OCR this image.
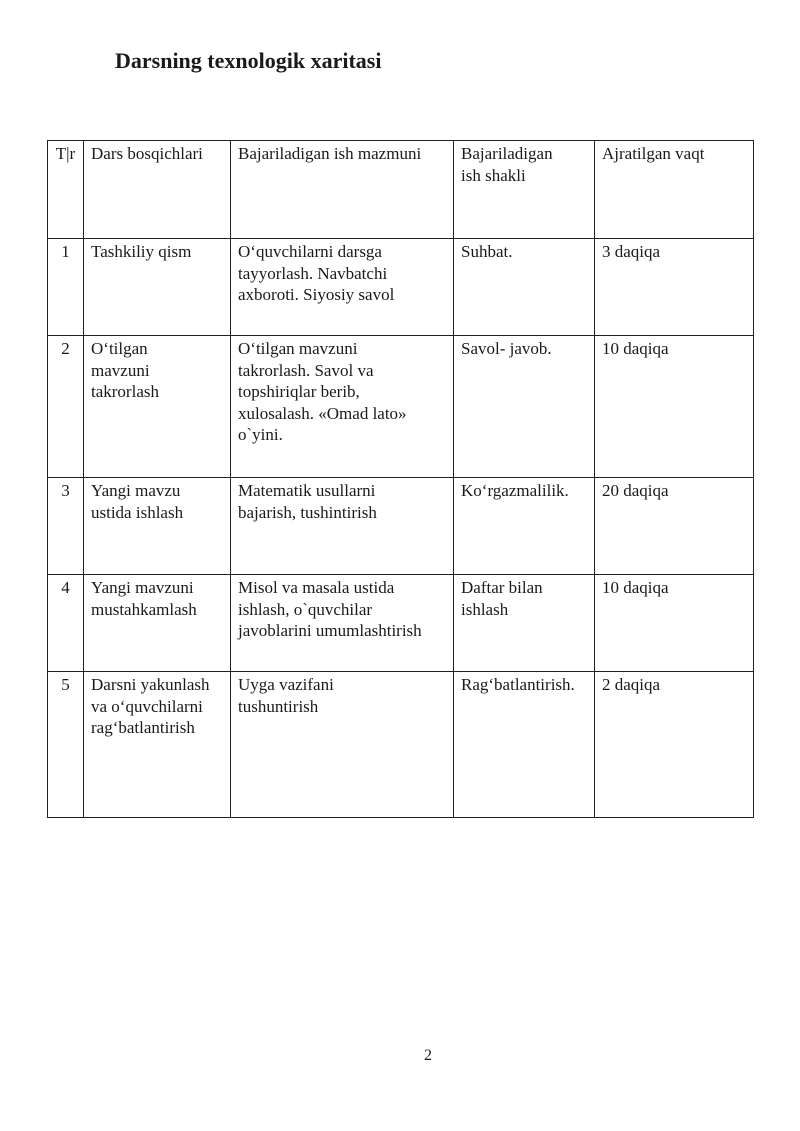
Darsning texnologik xaritasi
T|r	Dars bosqichlari	Bajariladigan ish mazmuni	Bajariladigan
ish shakli	Ajratilgan vaqt

1	Tashkiliy qism	O‘quvchilarni darsga
tayyorlash. Navbatchi
axboroti. Siyosiy savol	Suhbat.	3 daqiqa

2	O‘tilgan
mavzuni
takrorlash	O‘tilgan mavzuni
takrorlash. Savol va
topshiriqlar berib,
xulosalash. «Omad lato»
o`yini.	Savol- javob.	10 daqiqa

3	Yangi mavzu
ustida ishlash	Matematik usullarni
bajarish, tushintirish	Ko‘rgazmalilik.	20 daqiqa

4	Yangi mavzuni
mustahkamlash	Misol va masala ustida
ishlash, o`quvchilar
javoblarini umumlashtirish	Daftar bilan
ishlash	10 daqiqa

5	Darsni yakunlash
va o‘quvchilarni
rag‘batlantirish	Uyga vazifani
tushuntirish	Rag‘batlantirish.	2 daqiqa
2
